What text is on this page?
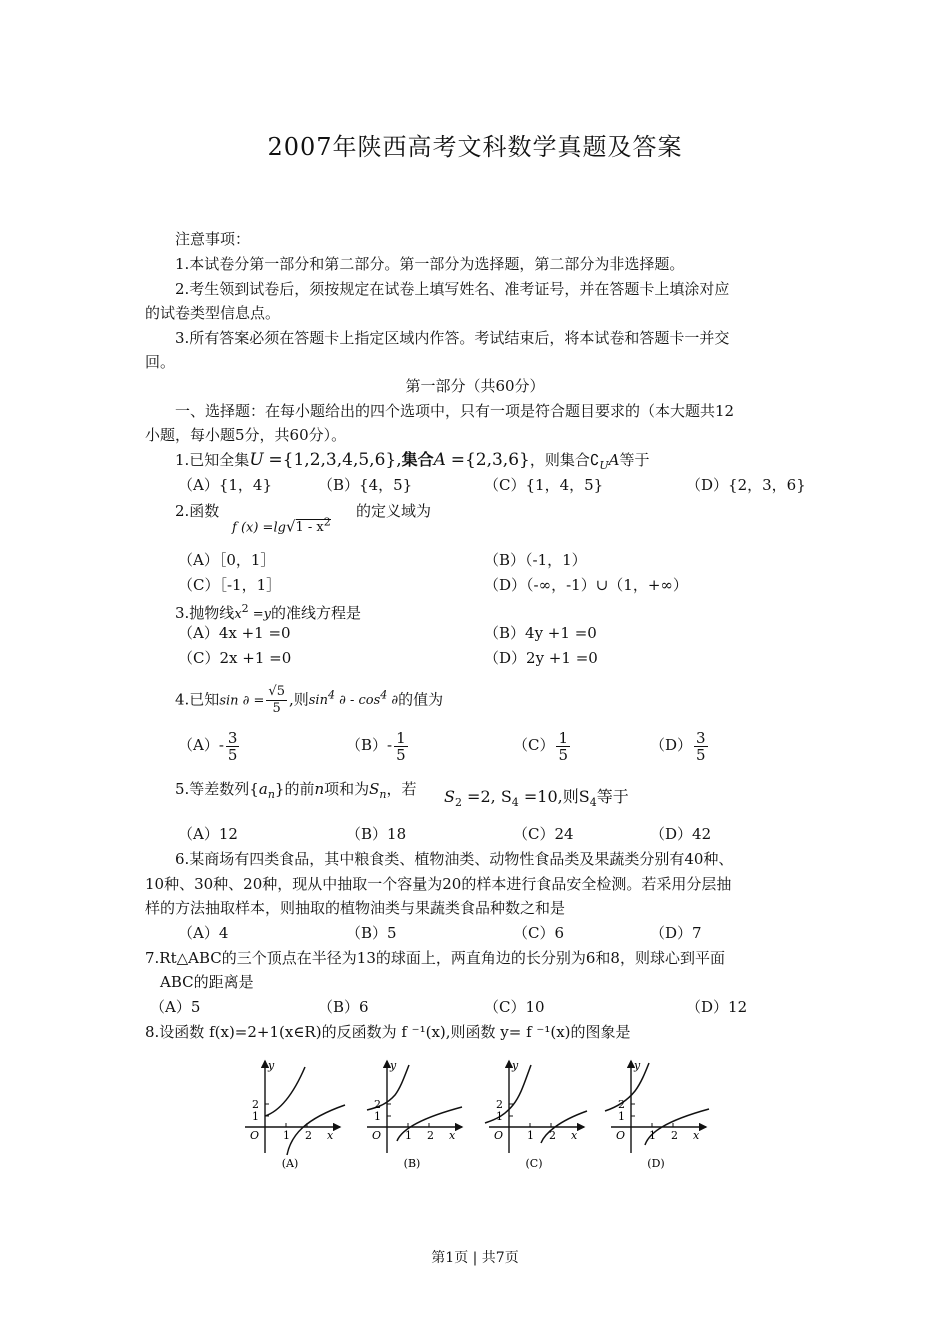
2007年陕西高考文科数学真题及答案
注意事项：
1.本试卷分第一部分和第二部分。第一部分为选择题，第二部分为非选择题。
2.考生领到试卷后，须按规定在试卷上填写姓名、准考证号，并在答题卡上填涂对应
的试卷类型信息点。
3.所有答案必须在答题卡上指定区域内作答。考试结束后，将本试卷和答题卡一并交
回。
第一部分（共60分）
一、选择题：在每小题给出的四个选项中，只有一项是符合题目要求的（本大题共12
小题，每小题5分，共60分）。
1.已知全集U ={1,2,3,4,5,6},集合A ={2,3,6}，则集合$∁_UA$等于
（A）{1，4}	（B）{4，5}	（C）{1，4，5}	（D）{2，3，6}
2.函数
f $(x) =\lg√1 - x^2$
的定义域为
（A）［0，1］	（B）（-1，1）
（C）［-1，1］	（D）（-∞，-1）∪（1，+∞）
3.抛物线$x^2 =y$的准线方程是
（A）4x +1 =0	（B）4y +1 =0
（C）2x +1 =0	（D）2y +1 =0
4.已知sin ∂ = $\frac{√5}{5}$ ,则$\sin^4$ ∂ - $\cos^4$ ∂的值为
$(A)- \frac{3}{5}$	$(B)- \frac{1}{5}$	$(C) \frac{1}{5}$	$(D) \frac{3}{5}$
5.等差数列$\{a_n\}$的前n项和为$S_n$，若 $S_2 =2$, $S_4 =10$,则$S_4$等于
（A）12	（B）18	（C）24	（D）42
6.某商场有四类食品，其中粮食类、植物油类、动物性食品类及果蔬类分别有40种、
10种、30种、20种，现从中抽取一个容量为20的样本进行食品安全检测。若采用分层抽
样的方法抽取样本，则抽取的植物油类与果蔬类食品种数之和是
（A）4	（B）5	（C）6	（D）7
7.Rt△ABC的三个顶点在半径为13的球面上，两直角边的长分别为6和8，则球心到平面
ABC的距离是
（A）5	（B）6	（C）10	（D）12
8.设函数 f(x)=2+1(x∈R)的反函数为 f ⁻¹(x),则函数 y= f ⁻¹(x)的图象是
y
2
1
O 1 2 x
(A)
y
2
1
O 1 2 x
(B)
y
2
1
O 1 2 x
(C)
y
2
1
O 1 2 x
(D)
第1页 | 共7页
